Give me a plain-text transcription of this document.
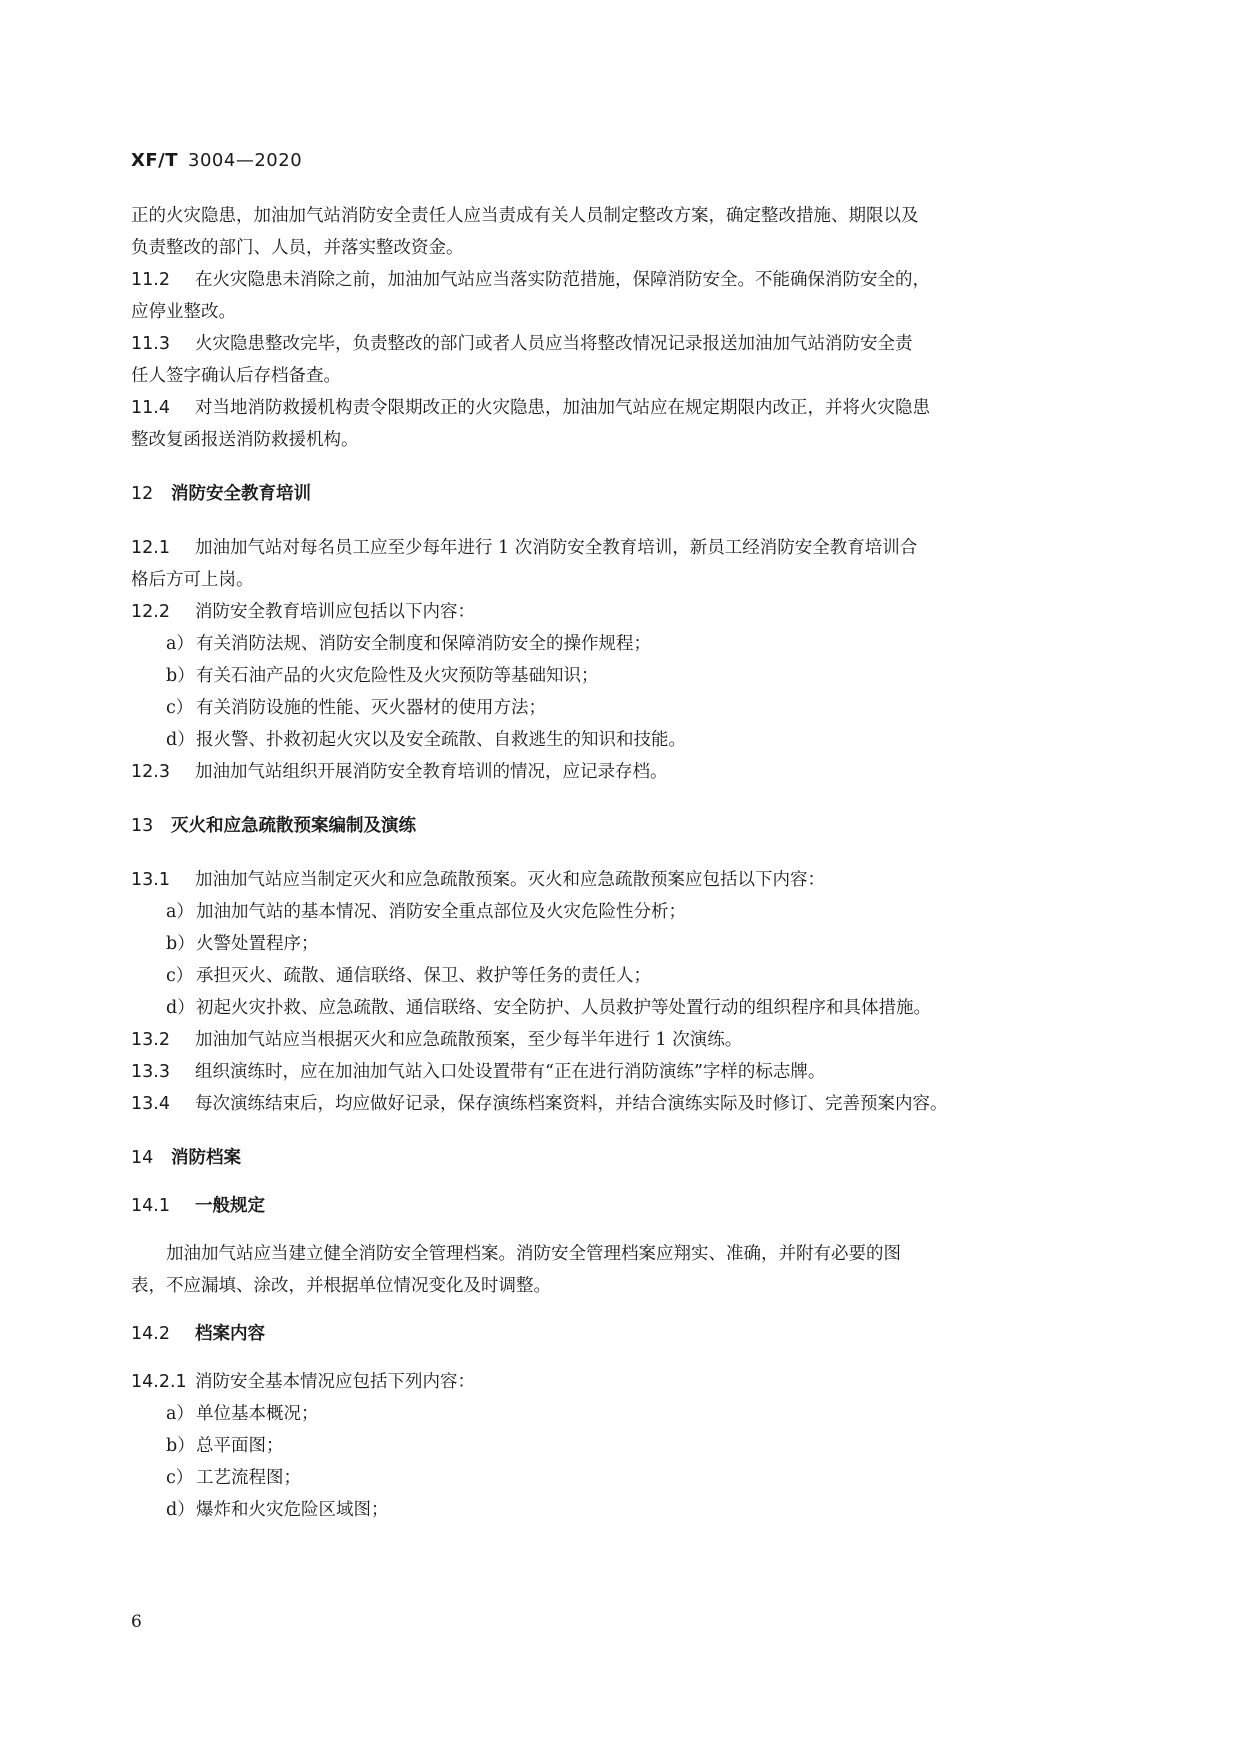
XF/T 3004—2020
正的火灾隐患，加油加气站消防安全责任人应当责成有关人员制定整改方案，确定整改措施、期限以及
负责整改的部门、人员，并落实整改资金。
11.2 在火灾隐患未消除之前，加油加气站应当落实防范措施，保障消防安全。不能确保消防安全的，
应停业整改。
11.3 火灾隐患整改完毕，负责整改的部门或者人员应当将整改情况记录报送加油加气站消防安全责
任人签字确认后存档备查。
11.4 对当地消防救援机构责令限期改正的火灾隐患，加油加气站应在规定期限内改正，并将火灾隐患
整改复函报送消防救援机构。
12 消防安全教育培训
12.1 加油加气站对每名员工应至少每年进行 1 次消防安全教育培训，新员工经消防安全教育培训合
格后方可上岗。
12.2 消防安全教育培训应包括以下内容：
a） 有关消防法规、消防安全制度和保障消防安全的操作规程；
b）有关石油产品的火灾危险性及火灾预防等基础知识；
c） 有关消防设施的性能、灭火器材的使用方法；
d）报火警、扑救初起火灾以及安全疏散、自救逃生的知识和技能。
12.3 加油加气站组织开展消防安全教育培训的情况，应记录存档。
13 灭火和应急疏散预案编制及演练
13.1 加油加气站应当制定灭火和应急疏散预案。灭火和应急疏散预案应包括以下内容：
a） 加油加气站的基本情况、消防安全重点部位及火灾危险性分析；
b）火警处置程序；
c） 承担灭火、疏散、通信联络、保卫、救护等任务的责任人；
d）初起火灾扑救、应急疏散、通信联络、安全防护、人员救护等处置行动的组织程序和具体措施。
13.2 加油加气站应当根据灭火和应急疏散预案，至少每半年进行 1 次演练。
13.3 组织演练时，应在加油加气站入口处设置带有“正在进行消防演练”字样的标志牌。
13.4 每次演练结束后，均应做好记录，保存演练档案资料，并结合演练实际及时修订、完善预案内容。
14 消防档案
14.1 一般规定
加油加气站应当建立健全消防安全管理档案。消防安全管理档案应翔实、准确，并附有必要的图
表，不应漏填、涂改，并根据单位情况变化及时调整。
14.2 档案内容
14.2.1 消防安全基本情况应包括下列内容：
a） 单位基本概况；
b）总平面图；
c） 工艺流程图；
d）爆炸和火灾危险区域图；
6
